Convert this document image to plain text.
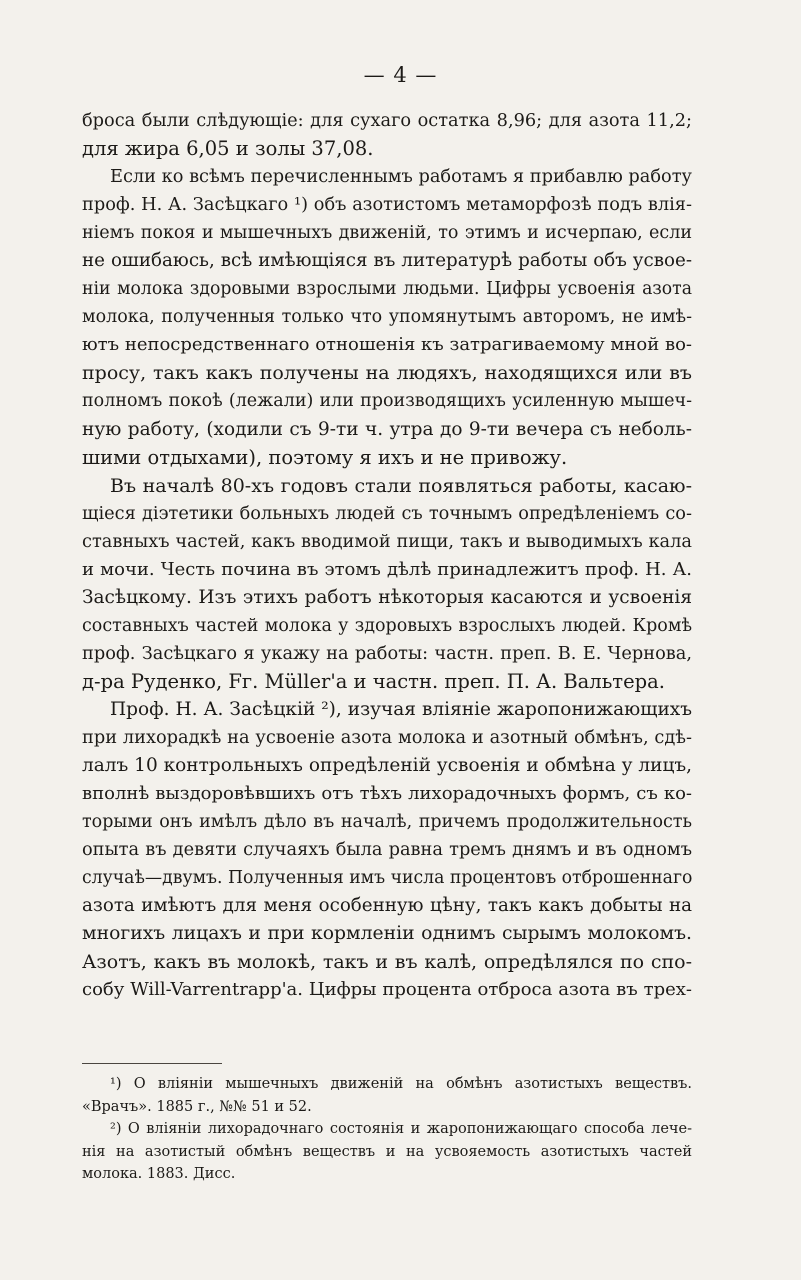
— 4 —
броса были слѣдующіе: для сухаго остатка 8,96; для азота 11,2;
для жира 6,05 и золы 37,08.
Если ко всѣмъ перечисленнымъ работамъ я прибавлю работу
проф. Н. А. Засѣцкаго ¹) объ азотистомъ метаморфозѣ подъ влія-
ніемъ покоя и мышечныхъ движеній, то этимъ и исчерпаю, если
не ошибаюсь, всѣ имѣющіяся въ литературѣ работы объ усвое-
ніи молока здоровыми взрослыми людьми. Цифры усвоенія азота
молока, полученныя только что упомянутымъ авторомъ, не имѣ-
ютъ непосредственнаго отношенія къ затрагиваемому мной во-
просу, такъ какъ получены на людяхъ, находящихся или въ
полномъ покоѣ (лежали) или производящихъ усиленную мышеч-
ную работу, (ходили съ 9-ти ч. утра до 9-ти вечера съ неболь-
шими отдыхами), поэтому я ихъ и не привожу.
Въ началѣ 80-хъ годовъ стали появляться работы, касаю-
щіеся діэтетики больныхъ людей съ точнымъ опредѣленіемъ со-
ставныхъ частей, какъ вводимой пищи, такъ и выводимыхъ кала
и мочи. Честь почина въ этомъ дѣлѣ принадлежитъ проф. Н. А.
Засѣцкому. Изъ этихъ работъ нѣкоторыя касаются и усвоенія
составныхъ частей молока у здоровыхъ взрослыхъ людей. Кромѣ
проф. Засѣцкаго я укажу на работы: частн. преп. В. Е. Чернова,
д-ра Руденко, Fг. Müller'a и частн. преп. П. А. Вальтера.
Проф. Н. А. Засѣцкій ²), изучая вліяніе жаропонижающихъ
при лихорадкѣ на усвоеніе азота молока и азотный обмѣнъ, сдѣ-
лалъ 10 контрольныхъ опредѣленій усвоенія и обмѣна у лицъ,
вполнѣ выздоровѣвшихъ отъ тѣхъ лихорадочныхъ формъ, съ ко-
торыми онъ имѣлъ дѣло въ началѣ, причемъ продолжительность
опыта въ девяти случаяхъ была равна тремъ днямъ и въ одномъ
случаѣ—двумъ. Полученныя имъ числа процентовъ отброшеннаго
азота имѣютъ для меня особенную цѣну, такъ какъ добыты на
многихъ лицахъ и при кормленіи однимъ сырымъ молокомъ.
Азотъ, какъ въ молокѣ, такъ и въ калѣ, опредѣлялся по спо-
собу Will-Varrentrapp'a. Цифры процента отброса азота въ трех-
¹) О вліяніи мышечныхъ движеній на обмѣнъ азотистыхъ веществъ.
«Врачъ». 1885 г., №№ 51 и 52.
²) О вліяніи лихорадочнаго состоянія и жаропонижающаго способа лече-
нія на азотистый обмѣнъ веществъ и на усвояемость азотистыхъ частей
молока. 1883. Дисс.
